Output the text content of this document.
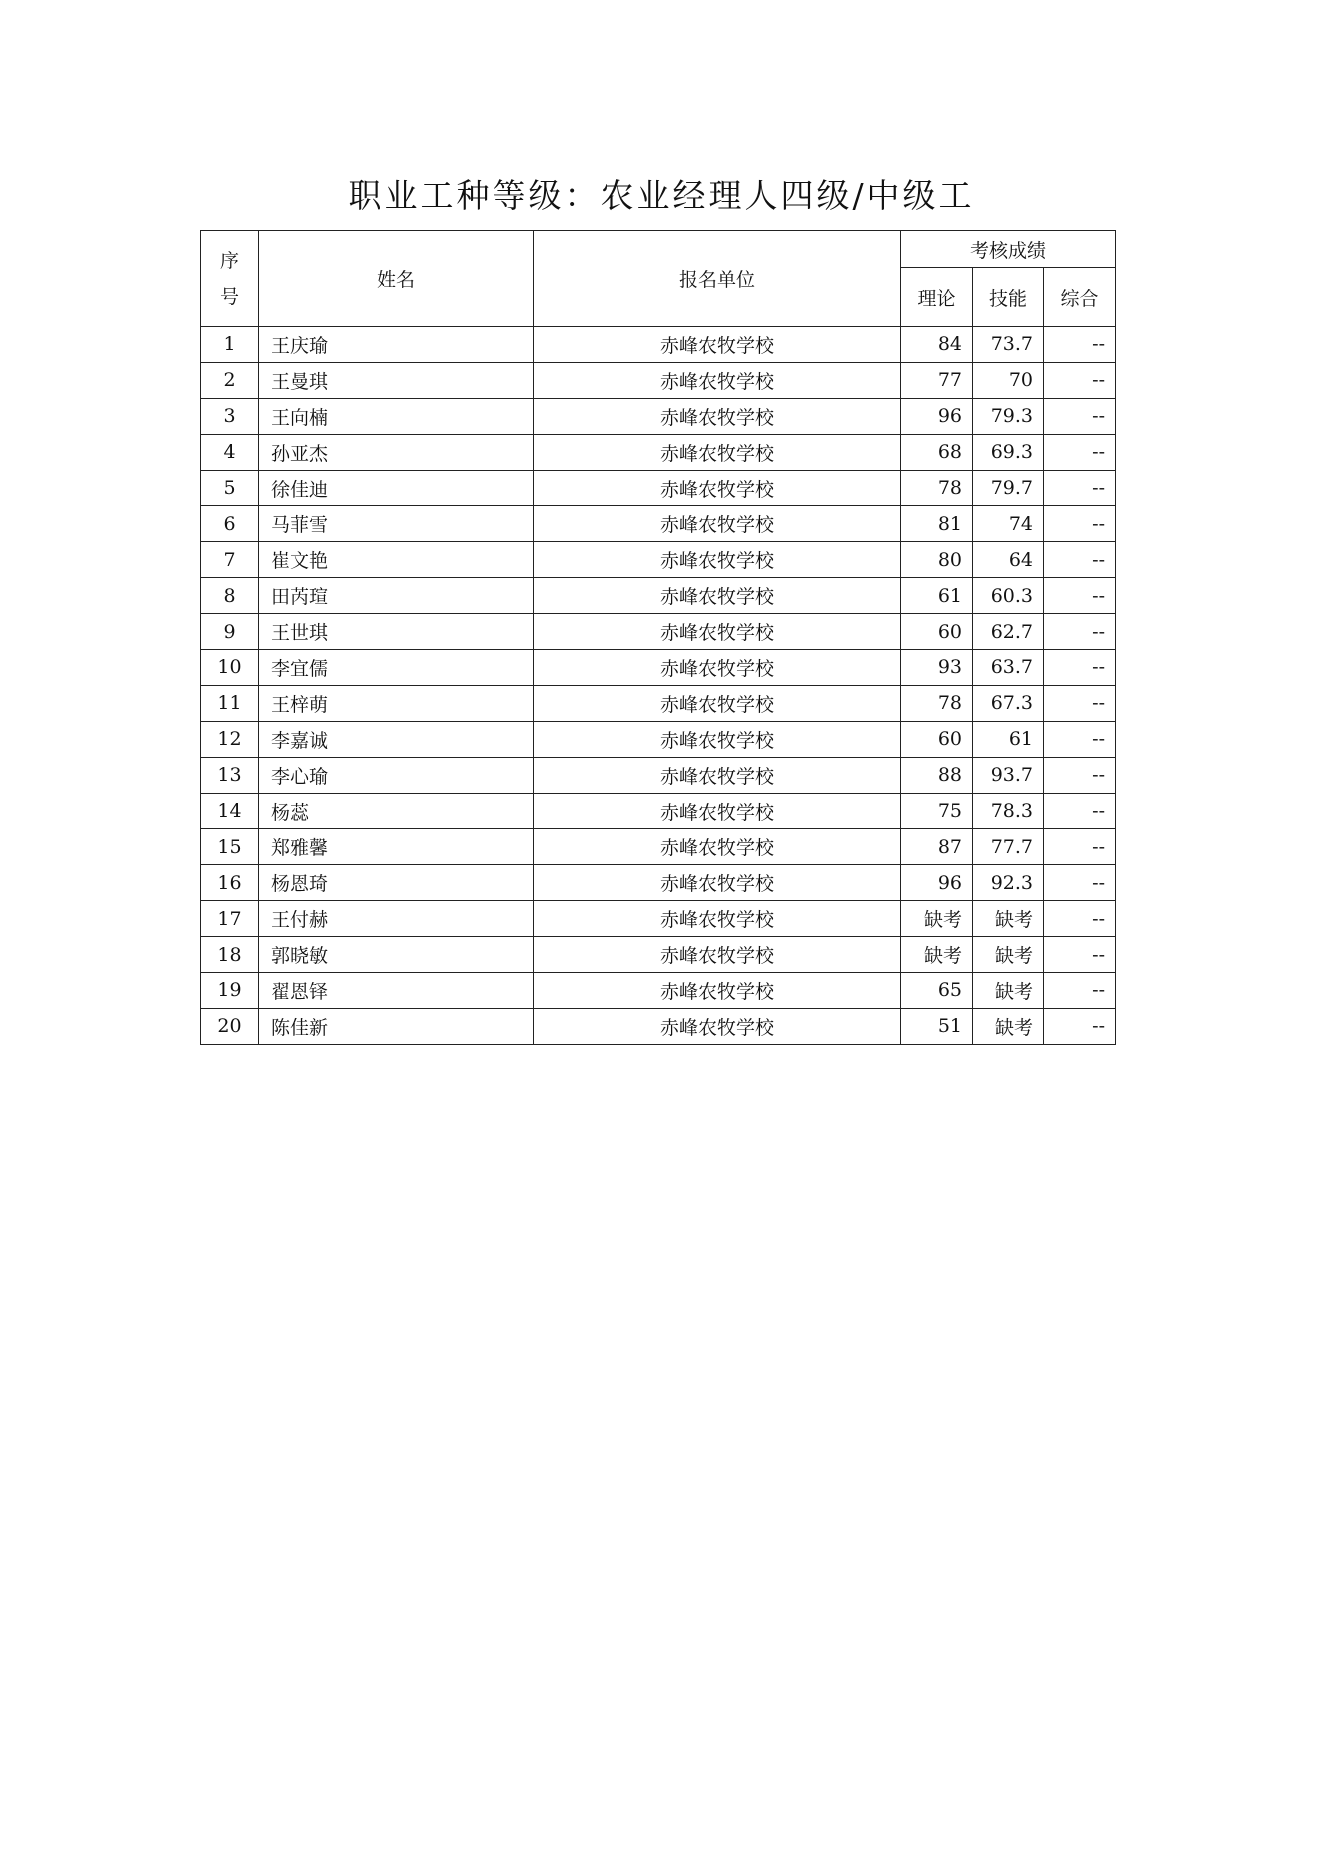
职业工种等级：农业经理人四级/中级工
序
号	姓名	报名单位	考核成绩		
			理论	技能	综合
1	王庆瑜	赤峰农牧学校	84	73.7	--
2	王曼琪	赤峰农牧学校	77	70	--
3	王向楠	赤峰农牧学校	96	79.3	--
4	孙亚杰	赤峰农牧学校	68	69.3	--
5	徐佳迪	赤峰农牧学校	78	79.7	--
6	马菲雪	赤峰农牧学校	81	74	--
7	崔文艳	赤峰农牧学校	80	64	--
8	田芮瑄	赤峰农牧学校	61	60.3	--
9	王世琪	赤峰农牧学校	60	62.7	--
10	李宜儒	赤峰农牧学校	93	63.7	--
11	王梓萌	赤峰农牧学校	78	67.3	--
12	李嘉诚	赤峰农牧学校	60	61	--
13	李心瑜	赤峰农牧学校	88	93.7	--
14	杨蕊	赤峰农牧学校	75	78.3	--
15	郑雅馨	赤峰农牧学校	87	77.7	--
16	杨恩琦	赤峰农牧学校	96	92.3	--
17	王付赫	赤峰农牧学校	缺考	缺考	--
18	郭晓敏	赤峰农牧学校	缺考	缺考	--
19	翟恩铎	赤峰农牧学校	65	缺考	--
20	陈佳新	赤峰农牧学校	51	缺考	--
